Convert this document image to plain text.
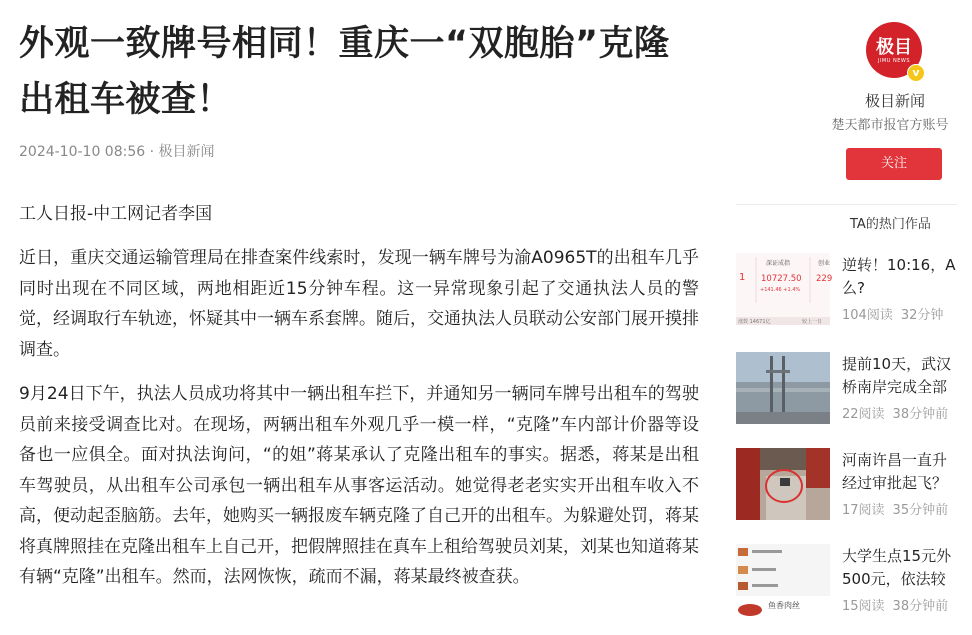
外观一致牌号相同！重庆一“双胞胎”克隆
出租车被查！
2024-10-10 08:56 · 极目新闻
工人日报-中工网记者李国

近日，重庆交通运输管理局在排查案件线索时，发现一辆车牌号为渝A0965T的出租车几乎同时出现在不同区域，两地相距近15分钟车程。这一异常现象引起了交通执法人员的警觉，经调取行车轨迹，怀疑其中一辆车系套牌。随后，交通执法人员联动公安部门展开摸排调查。

9月24日下午，执法人员成功将其中一辆出租车拦下，并通知另一辆同车牌号出租车的驾驶员前来接受调查比对。在现场，两辆出租车外观几乎一模一样，“克隆”车内部计价器等设备也一应俱全。面对执法询问，“的姐”蒋某承认了克隆出租车的事实。据悉，蒋某是出租车驾驶员，从出租车公司承包一辆出租车从事客运活动。她觉得老老实实开出租车收入不高，便动起歪脑筋。去年，她购买一辆报废车辆克隆了自己开的出租车。为躲避处罚，蒋某将真牌照挂在克隆出租车上自己开，把假牌照挂在真车上租给驾驶员刘某，刘某也知道蒋某有辆“克隆”出租车。然而，法网恢恢，疏而不漏，蒋某最终被查获。

极目
JIMU NEWS
v
极目新闻
楚天都市报官方账号
关注
TA的热门作品
1
深证成指
10727.50
+141.46 +1.4%
创业
229
涨数 14671亿	较上一日
逆转！10:16，A
么?
104阅读 32分钟
提前10天，武汉
桥南岸完成全部
22阅读 38分钟前
河南许昌一直升
经过审批起飞？
17阅读 35分钟前
鱼香肉丝
大学生点15元外
500元，依法较
15阅读 38分钟前
